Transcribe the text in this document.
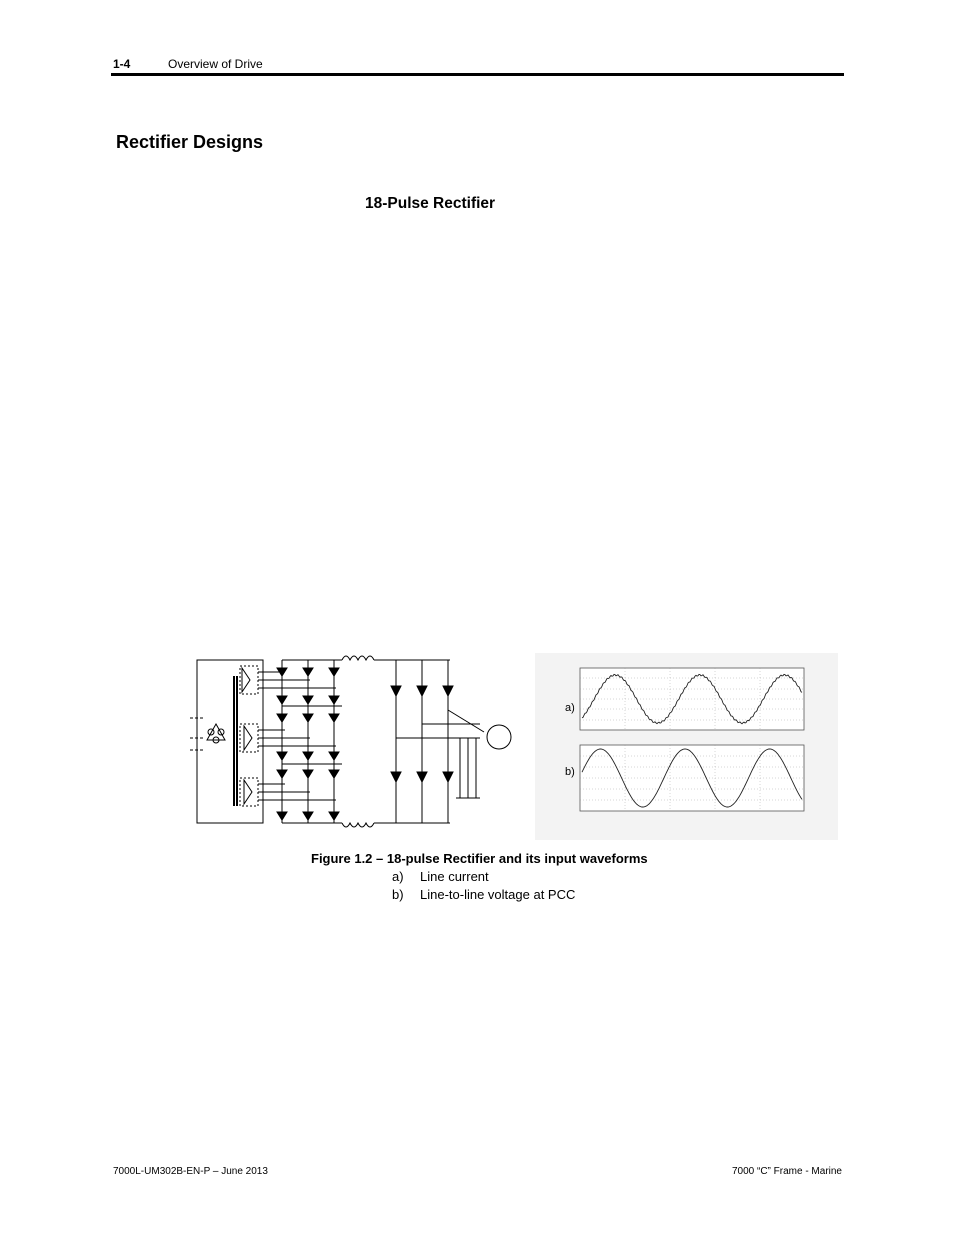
1-4	Overview of Drive
Rectifier Designs
18-Pulse Rectifier
a)
b)
Figure 1.2 – 18-pulse Rectifier and its input waveforms
a) Line current
b) Line-to-line voltage at PCC
7000L-UM302B-EN-P – June 2013	7000 “C” Frame - Marine
